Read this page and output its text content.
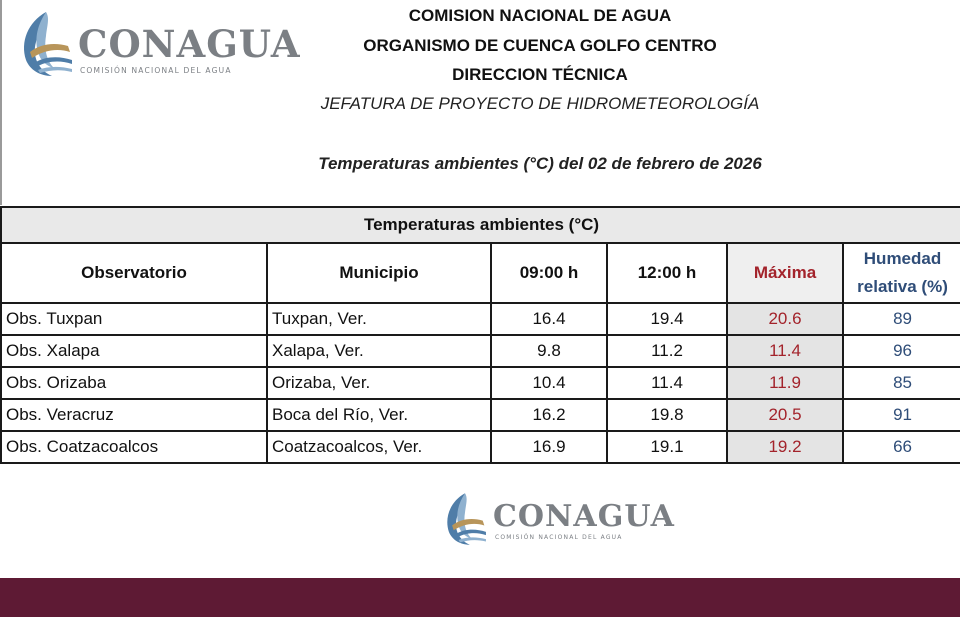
CONAGUA
COMISIÓN NACIONAL DEL AGUA
COMISION NACIONAL DE AGUA
ORGANISMO DE CUENCA GOLFO CENTRO
DIRECCION TÉCNICA
JEFATURA DE PROYECTO DE HIDROMETEOROLOGÍA
Temperaturas ambientes (°C) del 02 de febrero de 2026
Temperaturas ambientes (°C)					
Observatorio	Municipio	09:00 h	12:00 h	Máxima	Humedad
relativa (%)
Obs. Tuxpan	Tuxpan, Ver.	16.4	19.4	20.6	89
Obs. Xalapa	Xalapa, Ver.	9.8	11.2	11.4	96
Obs. Orizaba	Orizaba, Ver.	10.4	11.4	11.9	85
Obs. Veracruz	Boca del Río, Ver.	16.2	19.8	20.5	91
Obs. Coatzacoalcos	Coatzacoalcos, Ver.	16.9	19.1	19.2	66
CONAGUA
COMISIÓN NACIONAL DEL AGUA
